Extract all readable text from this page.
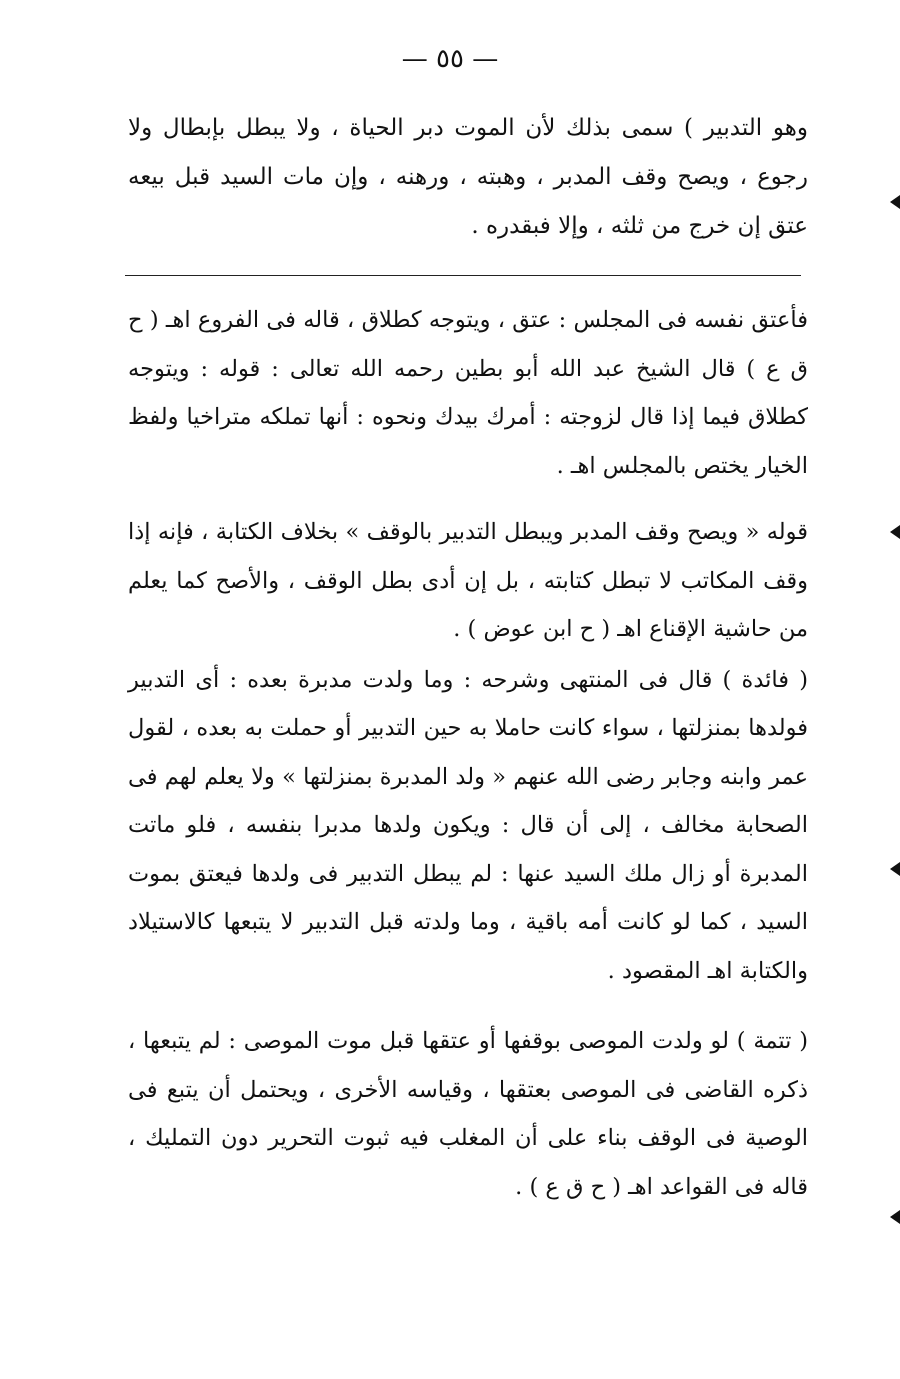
— ٥٥ —

وهو التدبير ) سمى بذلك لأن الموت دبر الحياة ، ولا يبطل بإبطال ولا رجوع ، ويصح وقف المدبر ، وهبته ، ورهنه ، وإن مات السيد قبل بيعه عتق إن خرج من ثلثه ، وإلا فبقدره .

فأعتق نفسه فى المجلس : عتق ، ويتوجه كطلاق ، قاله فى الفروع اهـ ( ح ق ع ) قال الشيخ عبد الله أبو بطين رحمه الله تعالى : قوله : ويتوجه كطلاق فيما إذا قال لزوجته : أمرك بيدك ونحوه : أنها تملكه متراخيا ولفظ الخيار يختص بالمجلس اهـ .

قوله « ويصح وقف المدبر ويبطل التدبير بالوقف » بخلاف الكتابة ، فإنه إذا وقف المكاتب لا تبطل كتابته ، بل إن أدى بطل الوقف ، والأصح كما يعلم من حاشية الإقناع اهـ ( ح ابن عوض ) .

( فائدة ) قال فى المنتهى وشرحه : وما ولدت مدبرة بعده : أى التدبير فولدها بمنزلتها ، سواء كانت حاملا به حين التدبير أو حملت به بعده ، لقول عمر وابنه وجابر رضى الله عنهم « ولد المدبرة بمنزلتها » ولا يعلم لهم فى الصحابة مخالف ، إلى أن قال : ويكون ولدها مدبرا بنفسه ، فلو ماتت المدبرة أو زال ملك السيد عنها : لم يبطل التدبير فى ولدها فيعتق بموت السيد ، كما لو كانت أمه باقية ، وما ولدته قبل التدبير لا يتبعها كالاستيلاد والكتابة اهـ المقصود .

( تتمة ) لو ولدت الموصى بوقفها أو عتقها قبل موت الموصى : لم يتبعها ، ذكره القاضى فى الموصى بعتقها ، وقياسه الأخرى ، ويحتمل أن يتبع فى الوصية فى الوقف بناء على أن المغلب فيه ثبوت التحرير دون التمليك ، قاله فى القواعد اهـ ( ح ق ع ) .
